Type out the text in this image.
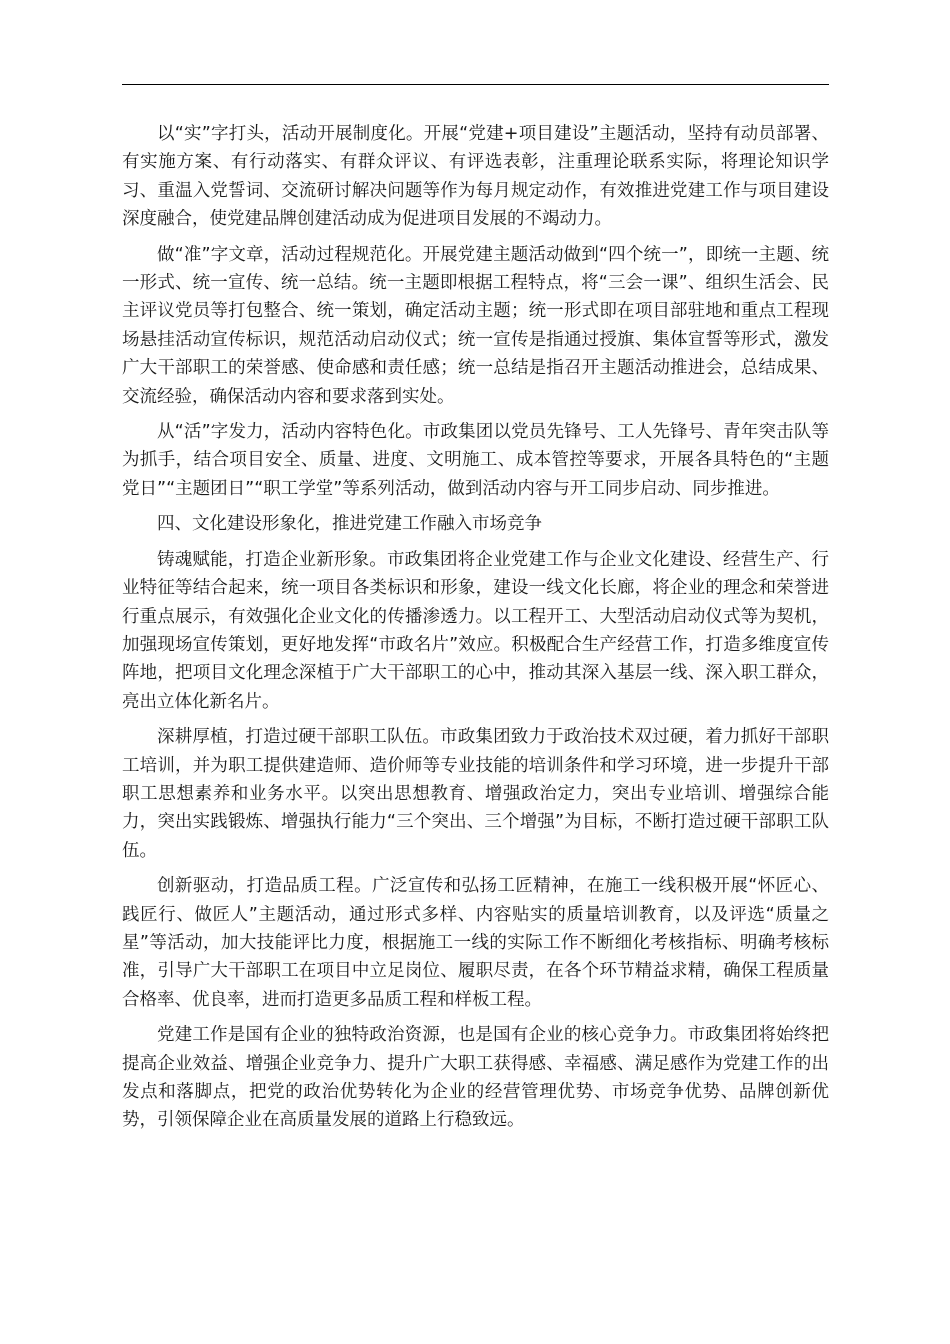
以“实”字打头，活动开展制度化。开展“党建+项目建设”主题活动，坚持有动员部署、有实施方案、有行动落实、有群众评议、有评选表彰，注重理论联系实际，将理论知识学习、重温入党誓词、交流研讨解决问题等作为每月规定动作，有效推进党建工作与项目建设深度融合，使党建品牌创建活动成为促进项目发展的不竭动力。

做“准”字文章，活动过程规范化。开展党建主题活动做到“四个统一”，即统一主题、统一形式、统一宣传、统一总结。统一主题即根据工程特点，将“三会一课”、组织生活会、民主评议党员等打包整合、统一策划，确定活动主题；统一形式即在项目部驻地和重点工程现场悬挂活动宣传标识，规范活动启动仪式；统一宣传是指通过授旗、集体宣誓等形式，激发广大干部职工的荣誉感、使命感和责任感；统一总结是指召开主题活动推进会，总结成果、交流经验，确保活动内容和要求落到实处。

从“活”字发力，活动内容特色化。市政集团以党员先锋号、工人先锋号、青年突击队等为抓手，结合项目安全、质量、进度、文明施工、成本管控等要求，开展各具特色的“主题党日”“主题团日”“职工学堂”等系列活动，做到活动内容与开工同步启动、同步推进。

四、文化建设形象化，推进党建工作融入市场竞争

铸魂赋能，打造企业新形象。市政集团将企业党建工作与企业文化建设、经营生产、行业特征等结合起来，统一项目各类标识和形象，建设一线文化长廊，将企业的理念和荣誉进行重点展示，有效强化企业文化的传播渗透力。以工程开工、大型活动启动仪式等为契机，加强现场宣传策划，更好地发挥“市政名片”效应。积极配合生产经营工作，打造多维度宣传阵地，把项目文化理念深植于广大干部职工的心中，推动其深入基层一线、深入职工群众，亮出立体化新名片。

深耕厚植，打造过硬干部职工队伍。市政集团致力于政治技术双过硬，着力抓好干部职工培训，并为职工提供建造师、造价师等专业技能的培训条件和学习环境，进一步提升干部职工思想素养和业务水平。以突出思想教育、增强政治定力，突出专业培训、增强综合能力，突出实践锻炼、增强执行能力“三个突出、三个增强”为目标，不断打造过硬干部职工队伍。

创新驱动，打造品质工程。广泛宣传和弘扬工匠精神，在施工一线积极开展“怀匠心、践匠行、做匠人”主题活动，通过形式多样、内容贴实的质量培训教育，以及评选“质量之星”等活动，加大技能评比力度，根据施工一线的实际工作不断细化考核指标、明确考核标准，引导广大干部职工在项目中立足岗位、履职尽责，在各个环节精益求精，确保工程质量合格率、优良率，进而打造更多品质工程和样板工程。

党建工作是国有企业的独特政治资源，也是国有企业的核心竞争力。市政集团将始终把提高企业效益、增强企业竞争力、提升广大职工获得感、幸福感、满足感作为党建工作的出发点和落脚点，把党的政治优势转化为企业的经营管理优势、市场竞争优势、品牌创新优势，引领保障企业在高质量发展的道路上行稳致远。
